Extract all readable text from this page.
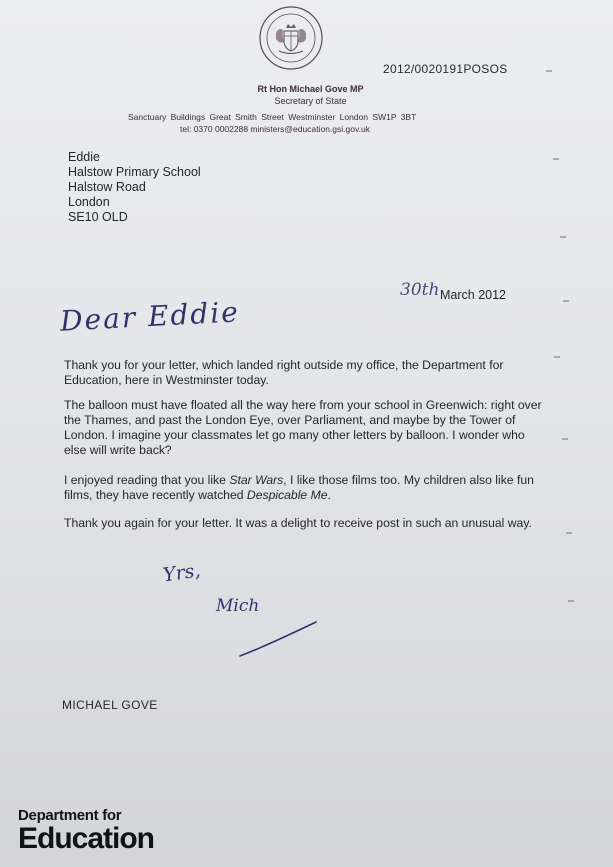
2012/0020191POSOS
Rt Hon Michael Gove MP
Secretary of State
Sanctuary Buildings Great Smith Street Westminster London SW1P 3BT
tel: 0370 0002288 ministers@education.gsi.gov.uk
Eddie
Halstow Primary School
Halstow Road
London
SE10 OLD
30th March 2012
Dear Eddie
Thank you for your letter, which landed right outside my office, the Department for Education, here in Westminster today.
The balloon must have floated all the way here from your school in Greenwich: right over the Thames, and past the London Eye, over Parliament, and maybe by the Tower of London. I imagine your classmates let go many other letters by balloon. I wonder who else will write back?
I enjoyed reading that you like Star Wars, I like those films too. My children also like fun films, they have recently watched Despicable Me.
Thank you again for your letter. It was a delight to receive post in such an unusual way.
Yrs,
Mich
MICHAEL GOVE
Department for
Education
